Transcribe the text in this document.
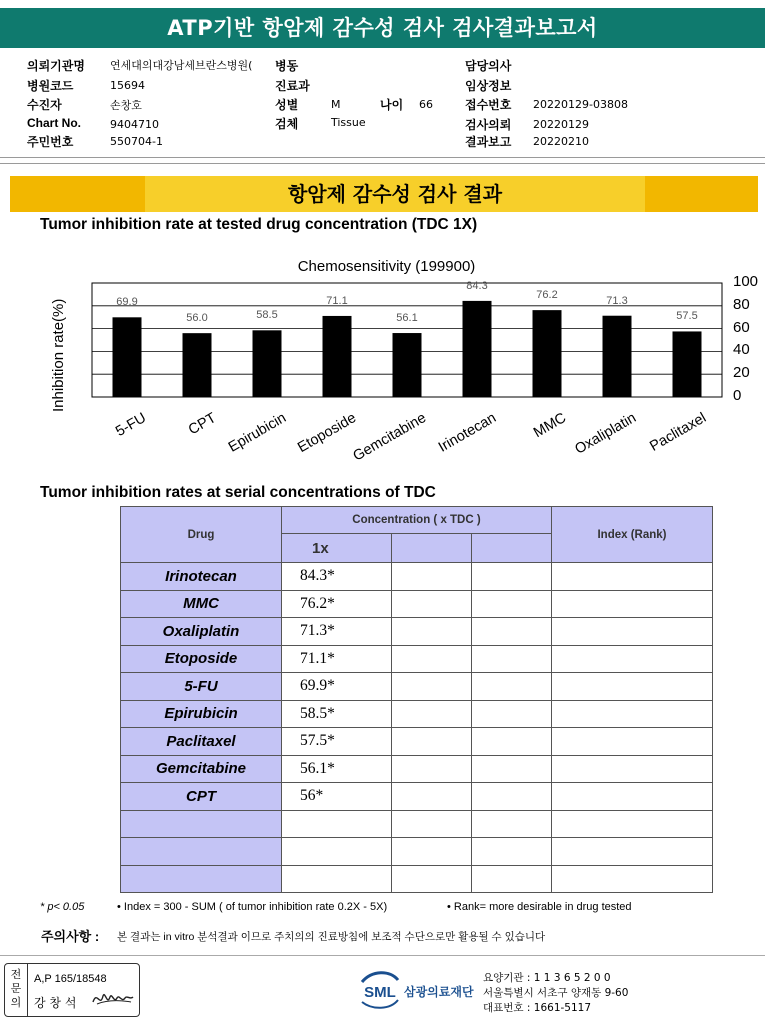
ATP기반 항암제 감수성 검사 검사결과보고서
의뢰기관명 연세대의대강남세브란스병원( 병동	담당의사
병원코드	15694	진료과	임상정보
수진자	손창호	성별	M	나이 66	접수번호 20220129-03808
Chart No.	9404710	검체	Tissue	검사의뢰 20220129
주민번호	550704-1	결과보고 20220210
항암제 감수성 검사 결과
Tumor inhibition rate at tested drug concentration (TDC 1X)
Chemosensitivity (199900)
Inhibition rate(%)
100
80
60
40
20
0
69.9
56.0	58.5
71.1
56.1
84.3
76.2	71.3
57.5
5-FU	CPT Epirubicin Etoposide
Gemcitabine Irinotecan	MMC Oxaliplatin Paclitaxel
Tumor inhibition rates at serial concentrations of TDC
Drug	Concentration ( x TDC )			Index (Rank)
	1x			
Irinotecan	84.3*			
MMC	76.2*			
Oxaliplatin	71.3*			
Etoposide	71.1*			
5-FU	69.9*			
Epirubicin	58.5*			
Paclitaxel	57.5*			
Gemcitabine	56.1*			
CPT	56*			

* p< 0.05	• Index = 300 - SUM ( of tumor inhibition rate 0.2X - 5X)	• Rank= more desirable in drug tested
주의사항 : 본 결과는 in vitro 분석결과 이므로 주치의의 진료방침에 보조적 수단으로만 활용될 수 있습니다
전문의
A,P 165/18548
강 창 석
SML 삼광의료재단
요양기관 : 1 1 3 6 5 2 0 0
서울특별시 서초구 양재동 9-60
대표번호 : 1661-5117
